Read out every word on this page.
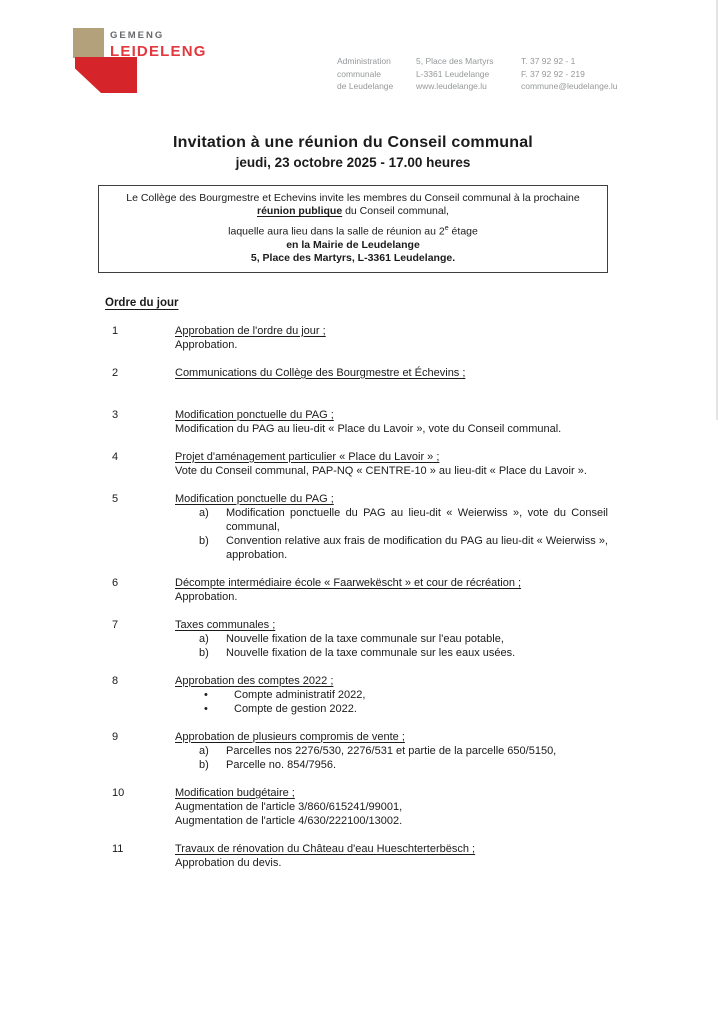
GEMENG
LEIDELENG
Administration
communale
de Leudelange
5, Place des Martyrs
L-3361 Leudelange
www.leudelange.lu
T. 37 92 92 - 1
F. 37 92 92 - 219
commune@leudelange.lu
Invitation à une réunion du Conseil communal
jeudi, 23 octobre 2025 - 17.00 heures
Le Collège des Bourgmestre et Echevins invite les membres du Conseil communal à la prochaine
réunion publique du Conseil communal,
laquelle aura lieu dans la salle de réunion au 2e étage
en la Mairie de Leudelange
5, Place des Martyrs, L-3361 Leudelange.
Ordre du jour
1	Approbation de l'ordre du jour ;
Approbation.
2	Communications du Collège des Bourgmestre et Échevins ;
3	Modification ponctuelle du PAG ;
Modification du PAG au lieu-dit « Place du Lavoir », vote du Conseil communal.
4	Projet d'aménagement particulier « Place du Lavoir » ;
Vote du Conseil communal, PAP-NQ « CENTRE-10 » au lieu-dit « Place du Lavoir ».
5	Modification ponctuelle du PAG ;
a)	Modification ponctuelle du PAG au lieu-dit « Weierwiss », vote du Conseil communal,
b)	Convention relative aux frais de modification du PAG au lieu-dit « Weierwiss », approbation.
6	Décompte intermédiaire école « Faarwekëscht » et cour de récréation ;
Approbation.
7	Taxes communales ;
a)	Nouvelle fixation de la taxe communale sur l'eau potable,
b)	Nouvelle fixation de la taxe communale sur les eaux usées.
8	Approbation des comptes 2022 ;
•	Compte administratif 2022,
•	Compte de gestion 2022.
9	Approbation de plusieurs compromis de vente ;
a)	Parcelles nos 2276/530, 2276/531 et partie de la parcelle 650/5150,
b)	Parcelle no. 854/7956.
10	Modification budgétaire ;
Augmentation de l'article 3/860/615241/99001,
Augmentation de l'article 4/630/222100/13002.
11	Travaux de rénovation du Château d'eau Hueschterterbësch ;
Approbation du devis.
